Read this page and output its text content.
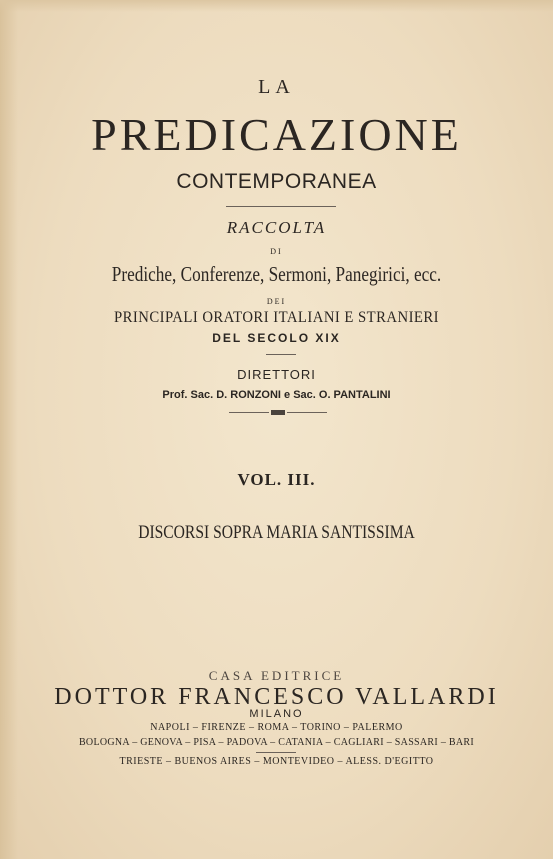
LA
PREDICAZIONE
CONTEMPORANEA
RACCOLTA
DI
Prediche, Conferenze, Sermoni, Panegirici, ecc.
DEI
PRINCIPALI ORATORI ITALIANI E STRANIERI
DEL SECOLO XIX
DIRETTORI
Prof. Sac. D. RONZONI e Sac. O. PANTALINI
VOL. III.
DISCORSI SOPRA MARIA SANTISSIMA
CASA EDITRICE
DOTTOR FRANCESCO VALLARDI
MILANO
NAPOLI – FIRENZE – ROMA – TORINO – PALERMO
BOLOGNA – GENOVA – PISA – PADOVA – CATANIA – CAGLIARI – SASSARI – BARI
TRIESTE – BUENOS AIRES – MONTEVIDEO – ALESS. D'EGITTO
